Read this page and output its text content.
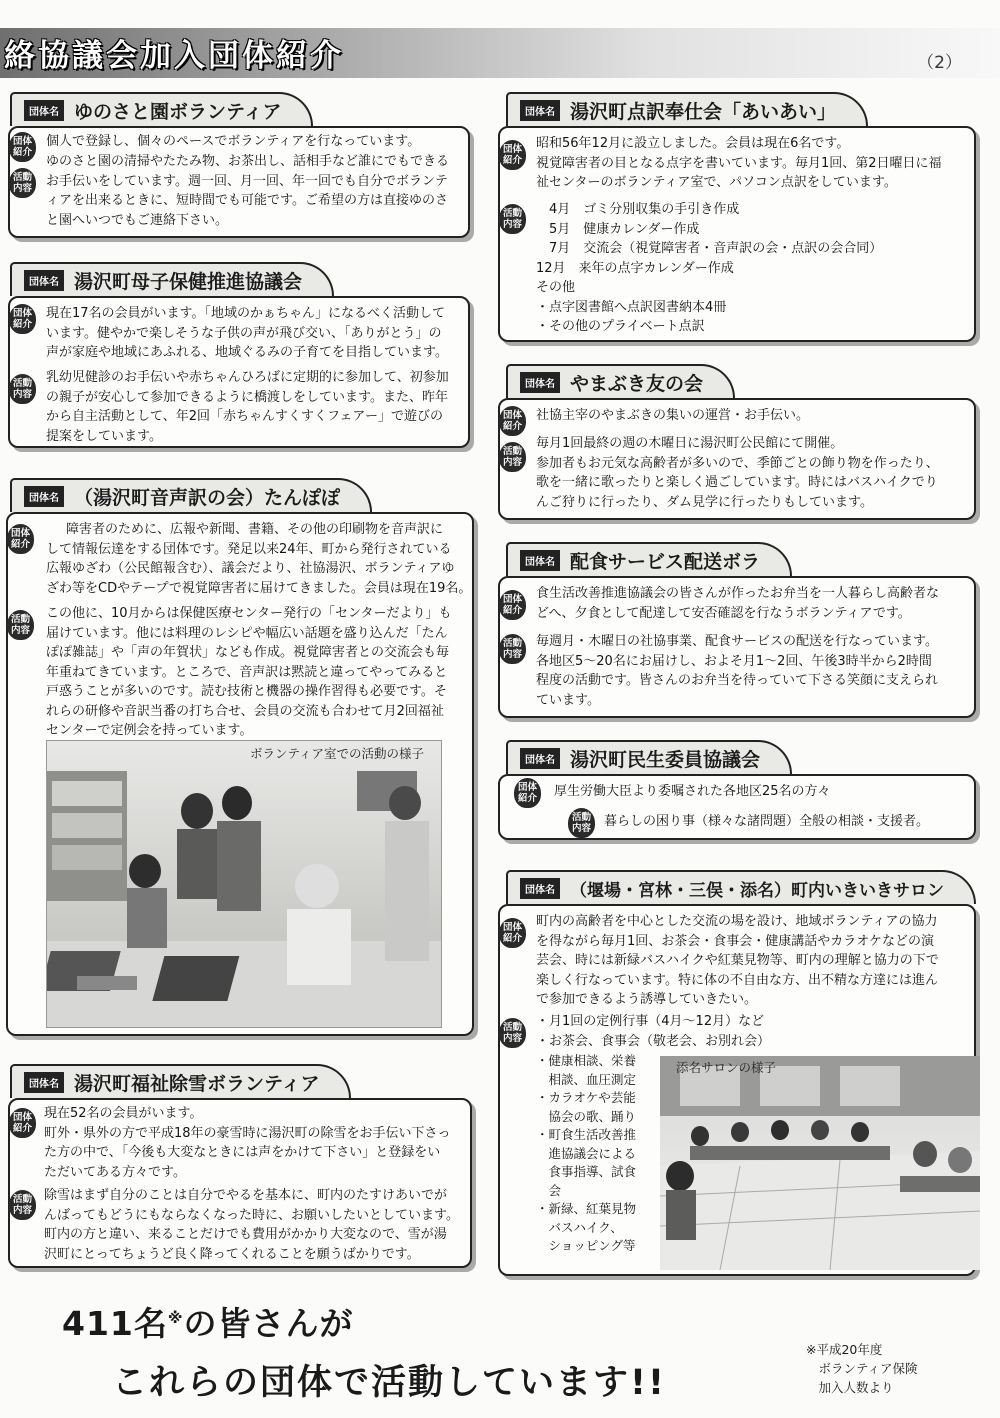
絡協議会加入団体紹介	（2）
団体名 ゆのさと園ボランティア
団体
紹介
活動
内容

個人で登録し、個々のペースでボランティアを行なっています。

ゆのさと園の清掃やたたみ物、お茶出し、話相手など誰にでもできる

お手伝いをしています。週一回、月一回、年一回でも自分でボランテ

ィアを出来るときに、短時間でも可能です。ご希望の方は直接ゆのさ

と園へいつでもご連絡下さい。

団体名 湯沢町母子保健推進協議会
団体
紹介
活動
内容

現在17名の会員がいます。「地域のかぁちゃん」になるべく活動して

います。健やかで楽しそうな子供の声が飛び交い、「ありがとう」の

声が家庭や地域にあふれる、地域ぐるみの子育てを目指しています。

乳幼児健診のお手伝いや赤ちゃんひろばに定期的に参加して、初参加

の親子が安心して参加できるように橋渡しをしています。また、昨年

から自主活動として、年2回「赤ちゃんすくすくフェアー」で遊びの

提案をしています。

団体名 （湯沢町音声訳の会）たんぽぽ
団体
紹介
活動
内容

障害者のために、広報や新聞、書籍、その他の印刷物を音声訳に

して情報伝達をする団体です。発足以来24年、町から発行されている

広報ゆざわ（公民館報含む）、議会だより、社協湯沢、ボランティアゆ

ざわ等をCDやテープで視覚障害者に届けてきました。会員は現在19名。

この他に、10月からは保健医療センター発行の「センターだより」も

届けています。他には料理のレシピや幅広い話題を盛り込んだ「たん

ぽぽ雑誌」や「声の年賀状」なども作成。視覚障害者との交流会も毎

年重ねてきています。ところで、音声訳は黙読と違ってやってみると

戸惑うことが多いのです。読む技術と機器の操作習得も必要です。そ

れらの研修や音訳当番の打ち合せ、会員の交流も合わせて月2回福祉

センターで定例会を持っています。

ボランティア室での活動の様子
団体名 湯沢町福祉除雪ボランティア
団体
紹介
活動
内容

現在52名の会員がいます。

町外・県外の方で平成18年の豪雪時に湯沢町の除雪をお手伝い下さっ

た方の中で、「今後も大変なときには声をかけて下さい」と登録をい

ただいてある方々です。

除雪はまず自分のことは自分でやるを基本に、町内のたすけあいでが

んばってもどうにもならなくなった時に、お願いしたいとしています。

町内の方と違い、来ることだけでも費用がかかり大変なので、雪が湯

沢町にとってちょうど良く降ってくれることを願うばかりです。

団体名 湯沢町点訳奉仕会「あいあい」
団体
紹介
活動
内容

昭和56年12月に設立しました。会員は現在6名です。

視覚障害者の目となる点字を書いています。毎月1回、第2日曜日に福

祉センターのボランティア室で、パソコン点訳をしています。

　4月　ゴミ分別収集の手引き作成

　5月　健康カレンダー作成

　7月　交流会（視覚障害者・音声訳の会・点訳の会合同）

12月　来年の点字カレンダー作成

その他

・点字図書館へ点訳図書納本4冊

・その他のプライベート点訳

団体名 やまぶき友の会
団体
紹介
活動
内容

社協主宰のやまぶきの集いの運営・お手伝い。

毎月1回最終の週の木曜日に湯沢町公民館にて開催。

参加者もお元気な高齢者が多いので、季節ごとの飾り物を作ったり、

歌を一緒に歌ったりと楽しく過ごしています。時にはバスハイクでり

んご狩りに行ったり、ダム見学に行ったりもしています。

団体名 配食サービス配送ボラ
団体
紹介
活動
内容

食生活改善推進協議会の皆さんが作ったお弁当を一人暮らし高齢者な

どへ、夕食として配達して安否確認を行なうボランティアです。

毎週月・木曜日の社協事業、配食サービスの配送を行なっています。

各地区5〜20名にお届けし、およそ月1〜2回、午後3時半から2時間

程度の活動です。皆さんのお弁当を待っていて下さる笑顔に支えられ

ています。

団体名 湯沢町民生委員協議会
団体
紹介
活動
内容
厚生労働大臣より委嘱された各地区25名の方々
暮らしの困り事（様々な諸問題）全般の相談・支援者。
団体名 （堰場・宮林・三俣・添名）町内いきいきサロン
団体
紹介
活動
内容

町内の高齢者を中心とした交流の場を設け、地域ボランティアの協力

を得ながら毎月1回、お茶会・食事会・健康講話やカラオケなどの演

芸会、時には新緑バスハイクや紅葉見物等、町内の理解と協力の下で

楽しく行なっています。特に体の不自由な方、出不精な方達には進ん

で参加できるよう誘導していきたい。

・月1回の定例行事（4月〜12月）など

・お茶会、食事会（敬老会、お別れ会）

・健康相談、栄養

　相談、血圧測定

・カラオケや芸能

　協会の歌、踊り

・町食生活改善推

　進協議会による

　食事指導、試食

　会

・新緑、紅葉見物

　バスハイク、

　ショッピング等

添名サロンの様子
411名※の皆さんが
これらの団体で活動しています!!

※平成20年度

　ボランティア保険

　加入人数より
